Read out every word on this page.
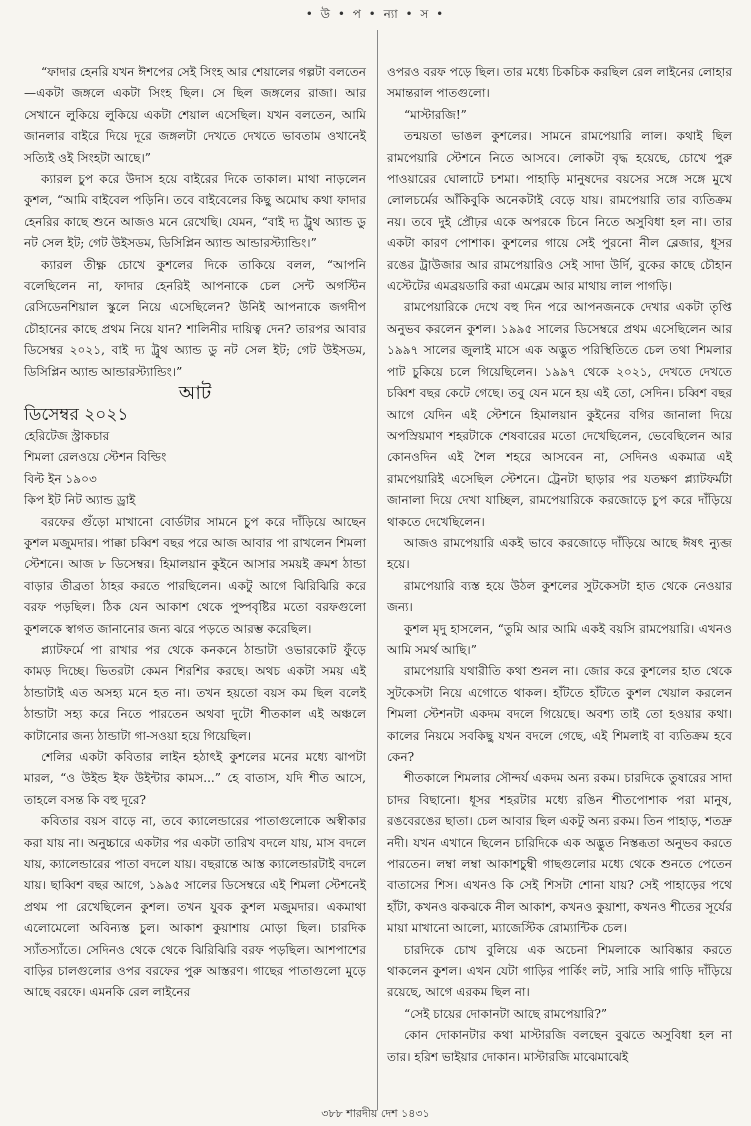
• উ • প • ন্যা • স •

“ফাদার হেনরি যখন ঈশপের সেই সিংহ আর শেয়ালের গল্পটা বলতেন—একটা জঙ্গলে একটা সিংহ ছিল। সে ছিল জঙ্গলের রাজা। আর সেখানে লুকিয়ে লুকিয়ে একটা শেয়াল এসেছিল। যখন বলতেন, আমি জানলার বাইরে দিয়ে দূরে জঙ্গলটা দেখতে দেখতে ভাবতাম ওখানেই সত্যিই ওই সিংহটা আছে।”

ক্যারল চুপ করে উদাস হয়ে বাইরের দিকে তাকাল। মাথা নাড়লেন কুশল, “আমি বাইবেল পড়িনি। তবে বাইবেলের কিছু অমোঘ কথা ফাদার হেনরির কাছে শুনে আজও মনে রেখেছি। যেমন, “বাই দ্য ট্রুথ অ্যান্ড ডু নট সেল ইট; গেট উইসডম, ডিসিপ্লিন অ্যান্ড আন্ডারস্ট্যান্ডিং।”

ক্যারল তীক্ষ্ণ চোখে কুশলের দিকে তাকিয়ে বলল, “আপনি বলেছিলেন না, ফাদার হেনরিই আপনাকে চেল সেন্ট অগস্টিন রেসিডেনশিয়াল স্কুলে নিয়ে এসেছিলেন? উনিই আপনাকে জগদীপ চৌহানের কাছে প্রথম নিয়ে যান? শালিনীর দায়িত্ব দেন? তারপর আবার ডিসেম্বর ২০২১, বাই দ্য ট্রুথ অ্যান্ড ডু নট সেল ইট; গেট উইসডম, ডিসিপ্লিন অ্যান্ড আন্ডারস্ট্যান্ডিং।”

আট

ডিসেম্বর ২০২১

হেরিটেজ স্ট্রাকচার

শিমলা রেলওয়ে স্টেশন বিল্ডিং

বিল্ট ইন ১৯০৩

কিপ ইট নিট অ্যান্ড ড্রাই

বরফের গুঁড়ো মাখানো বোর্ডটার সামনে চুপ করে দাঁড়িয়ে আছেন কুশল মজুমদার। পাক্কা চব্বিশ বছর পরে আজ আবার পা রাখলেন শিমলা স্টেশনে। আজ ৮ ডিসেম্বর। হিমালয়ান কুইনে আসার সময়ই ক্রমশ ঠান্ডা বাড়ার তীব্রতা ঠাহর করতে পারছিলেন। একটু আগে ঝিরিঝিরি করে বরফ পড়ছিল। ঠিক যেন আকাশ থেকে পুষ্পবৃষ্টির মতো বরফগুলো কুশলকে স্বাগত জানানোর জন্য ঝরে পড়তে আরম্ভ করেছিল।

প্ল্যাটফর্মে পা রাখার পর থেকে কনকনে ঠান্ডাটা ওভারকোট ফুঁড়ে কামড় দিচ্ছে। ভিতরটা কেমন শিরশির করছে। অথচ একটা সময় এই ঠান্ডাটাই এত অসহ্য মনে হত না। তখন হয়তো বয়স কম ছিল বলেই ঠান্ডাটা সহ্য করে নিতে পারতেন অথবা দুটো শীতকাল এই অঞ্চলে কাটানোর জন্য ঠান্ডাটা গা-সওয়া হয়ে গিয়েছিল।

শেলির একটা কবিতার লাইন হঠাৎই কুশলের মনের মধ্যে ঝাপটা মারল, “ও উইন্ড ইফ উইন্টার কামস...” হে বাতাস, যদি শীত আসে, তাহলে বসন্ত কি বহু দূরে?

কবিতার বয়স বাড়ে না, তবে ক্যালেন্ডারের পাতাগুলোকে অস্বীকার করা যায় না। অনুচ্চারে একটার পর একটা তারিখ বদলে যায়, মাস বদলে যায়, ক্যালেন্ডারের পাতা বদলে যায়। বছরান্তে আস্ত ক্যালেন্ডারটাই বদলে যায়। ছাব্বিশ বছর আগে, ১৯৯৫ সালের ডিসেম্বরে এই শিমলা স্টেশনেই প্রথম পা রেখেছিলেন কুশল। তখন যুবক কুশল মজুমদার। একমাথা এলোমেলো অবিন্যস্ত চুল। আকাশ কুয়াশায় মোড়া ছিল। চারদিক স্যাঁতস্যাঁতে। সেদিনও থেকে থেকে ঝিরিঝিরি বরফ পড়ছিল। আশপাশের বাড়ির চালগুলোর ওপর বরফের পুরু আস্তরণ। গাছের পাতাগুলো মুড়ে আছে বরফে। এমনকি রেল লাইনের

ওপরও বরফ পড়ে ছিল। তার মধ্যে চিকচিক করছিল রেল লাইনের লোহার সমান্তরাল পাতগুলো।

“মাস্টারজি!”

তন্ময়তা ভাঙল কুশলের। সামনে রামপেয়ারি লাল। কথাই ছিল রামপেয়ারি স্টেশনে নিতে আসবে। লোকটা বৃদ্ধ হয়েছে, চোখে পুরু পাওয়ারের ঘোলাটে চশমা। পাহাড়ি মানুষদের বয়সের সঙ্গে সঙ্গে মুখে লোলচর্মের আঁকিবুকি অনেকটাই বেড়ে যায়। রামপেয়ারি তার ব্যতিক্রম নয়। তবে দুই প্রৌঢ়র একে অপরকে চিনে নিতে অসুবিধা হল না। তার একটা কারণ পোশাক। কুশলের গায়ে সেই পুরনো নীল ব্লেজার, ধূসর রঙের ট্রাউজার আর রামপেয়ারিও সেই সাদা উর্দি, বুকের কাছে চৌহান এস্টেটের এমব্রয়ডারি করা এমব্লেম আর মাথায় লাল পাগড়ি।

রামপেয়ারিকে দেখে বহু দিন পরে আপনজনকে দেখার একটা তৃপ্তি অনুভব করলেন কুশল। ১৯৯৫ সালের ডিসেম্বরে প্রথম এসেছিলেন আর ১৯৯৭ সালের জুলাই মাসে এক অদ্ভুত পরিস্থিতিতে চেল তথা শিমলার পাট চুকিয়ে চলে গিয়েছিলেন। ১৯৯৭ থেকে ২০২১, দেখতে দেখতে চব্বিশ বছর কেটে গেছে। তবু যেন মনে হয় এই তো, সেদিন। চব্বিশ বছর আগে যেদিন এই স্টেশনে হিমালয়ান কুইনের বগির জানালা দিয়ে অপস্রিয়মাণ শহরটাকে শেষবারের মতো দেখেছিলেন, ভেবেছিলেন আর কোনওদিন এই শৈল শহরে আসবেন না, সেদিনও একমাত্র এই রামপেয়ারিই এসেছিল স্টেশনে। ট্রেনটা ছাড়ার পর যতক্ষণ প্ল্যাটফর্মটা জানালা দিয়ে দেখা যাচ্ছিল, রামপেয়ারিকে করজোড়ে চুপ করে দাঁড়িয়ে থাকতে দেখেছিলেন।

আজও রামপেয়ারি একই ভাবে করজোড়ে দাঁড়িয়ে আছে ঈষৎ ন্যুব্জ হয়ে।

রামপেয়ারি ব্যস্ত হয়ে উঠল কুশলের সুটকেসটা হাত থেকে নেওয়ার জন্য।

কুশল মৃদু হাসলেন, “তুমি আর আমি একই বয়সি রামপেয়ারি। এখনও আমি সমর্থ আছি।”

রামপেয়ারি যথারীতি কথা শুনল না। জোর করে কুশলের হাত থেকে সুটকেসটা নিয়ে এগোতে থাকল। হাঁটতে হাঁটতে কুশল খেয়াল করলেন শিমলা স্টেশনটা একদম বদলে গিয়েছে। অবশ্য তাই তো হওয়ার কথা। কালের নিয়মে সবকিছু যখন বদলে গেছে, এই শিমলাই বা ব্যতিক্রম হবে কেন?

শীতকালে শিমলার সৌন্দর্য একদম অন্য রকম। চারদিকে তুষারের সাদা চাদর বিছানো। ধূসর শহরটার মধ্যে রঙিন শীতপোশাক পরা মানুষ, রঙবেরঙের ছাতা। চেল আবার ছিল একটু অন্য রকম। তিন পাহাড়, শতদ্রু নদী। যখন এখানে ছিলেন চারিদিকে এক অদ্ভুত নিস্তব্ধতা অনুভব করতে পারতেন। লম্বা লম্বা আকাশচুম্বী গাছগুলোর মধ্যে থেকে শুনতে পেতেন বাতাসের শিস। এখনও কি সেই শিসটা শোনা যায়? সেই পাহাড়ের পথে হাঁটা, কখনও ঝকঝকে নীল আকাশ, কখনও কুয়াশা, কখনও শীতের সূর্যের মায়া মাখানো আলো, ম্যাজেস্টিক রোম্যান্টিক চেল।

চারদিকে চোখ বুলিয়ে এক অচেনা শিমলাকে আবিষ্কার করতে থাকলেন কুশল। এখন যেটা গাড়ির পার্কিং লট, সারি সারি গাড়ি দাঁড়িয়ে রয়েছে, আগে এরকম ছিল না।

“সেই চায়ের দোকানটা আছে রামপেয়ারি?”

কোন দোকানটার কথা মাস্টারজি বলছেন বুঝতে অসুবিধা হল না তার। হরিশ ভাইয়ার দোকান। মাস্টারজি মাঝেমাঝেই

৩৮৮ শারদীয় দেশ ১৪৩১
